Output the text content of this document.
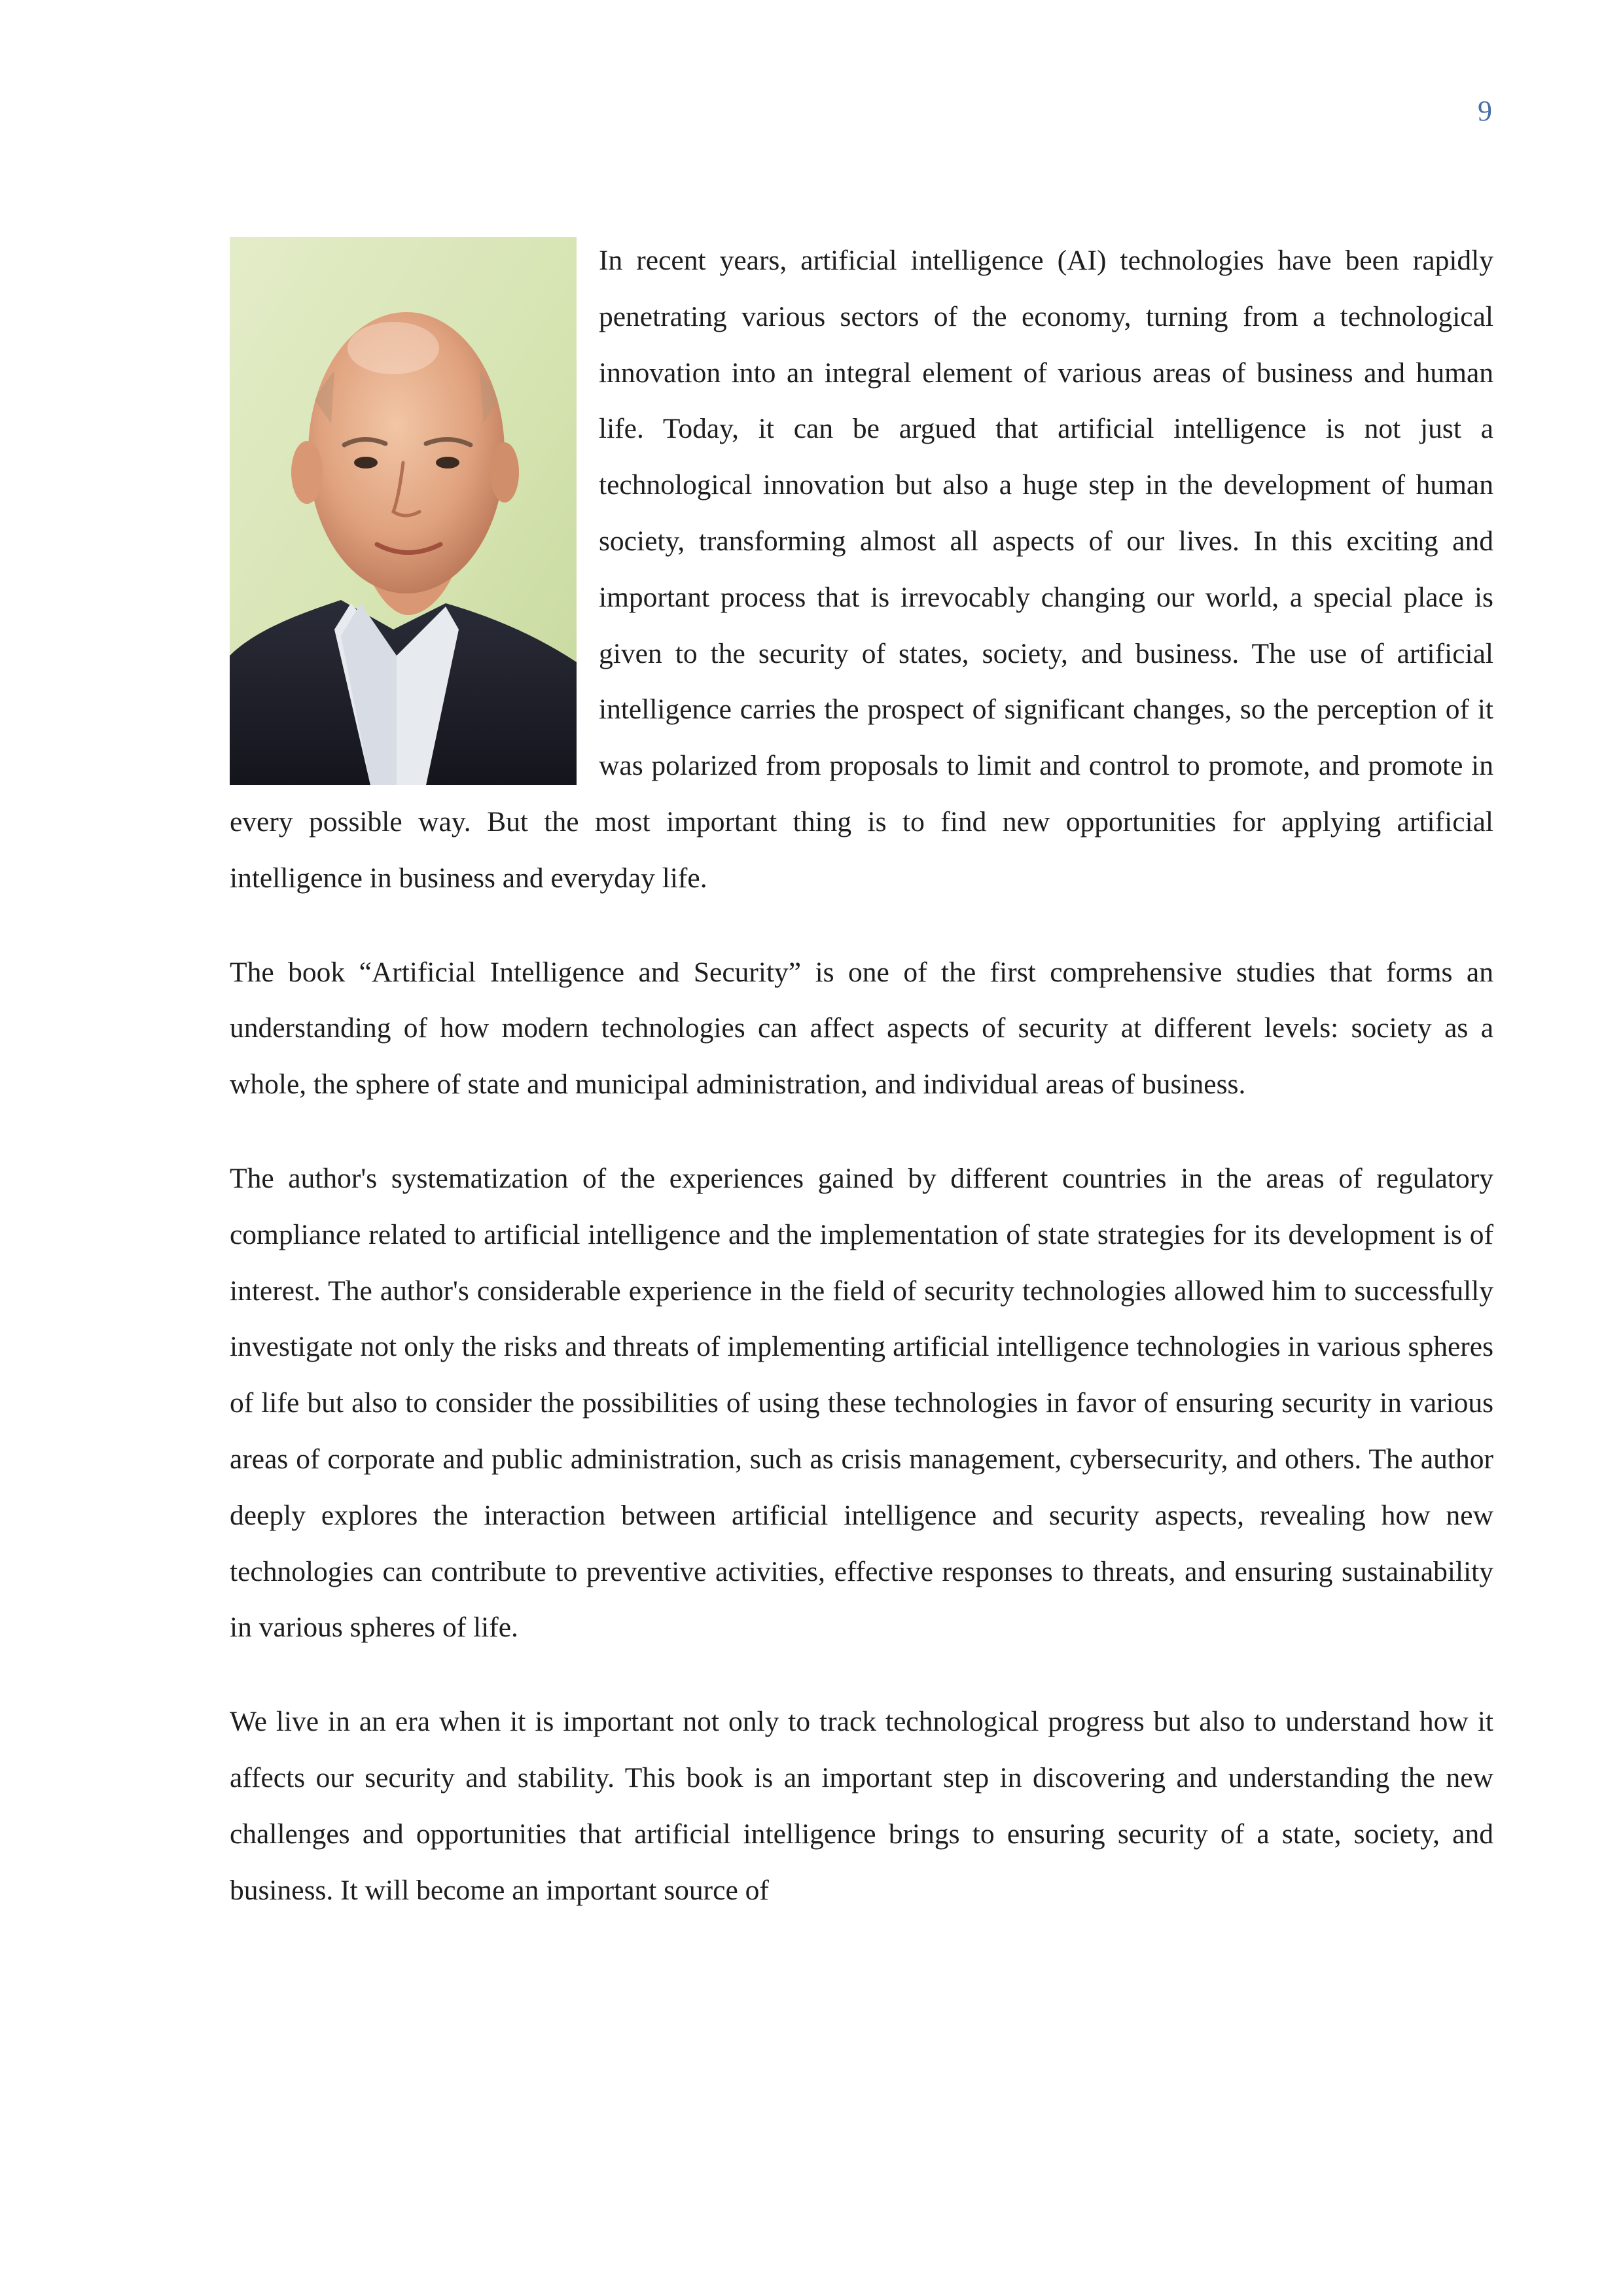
9

In recent years, artificial intelligence (AI) technologies have been rapidly penetrating various sectors of the economy, turning from a technological innovation into an integral element of various areas of business and human life. Today, it can be argued that artificial intelligence is not just a technological innovation but also a huge step in the development of human society, transforming almost all aspects of our lives. In this exciting and important process that is irrevocably changing our world, a special place is given to the security of states, society, and business. The use of artificial intelligence carries the prospect of significant changes, so the perception of it was polarized from proposals to limit and control to promote, and promote in every possible way. But the most important thing is to find new opportunities for applying artificial intelligence in business and everyday life.

The book “Artificial Intelligence and Security” is one of the first comprehensive studies that forms an understanding of how modern technologies can affect aspects of security at different levels: society as a whole, the sphere of state and municipal administration, and individual areas of business.

The author's systematization of the experiences gained by different countries in the areas of regulatory compliance related to artificial intelligence and the implementation of state strategies for its development is of interest. The author's considerable experience in the field of security technologies allowed him to successfully investigate not only the risks and threats of implementing artificial intelligence technologies in various spheres of life but also to consider the possibilities of using these technologies in favor of ensuring security in various areas of corporate and public administration, such as crisis management, cybersecurity, and others. The author deeply explores the interaction between artificial intelligence and security aspects, revealing how new technologies can contribute to preventive activities, effective responses to threats, and ensuring sustainability in various spheres of life.

We live in an era when it is important not only to track technological progress but also to understand how it affects our security and stability. This book is an important step in discovering and understanding the new challenges and opportunities that artificial intelligence brings to ensuring security of a state, society, and business. It will become an important source of
